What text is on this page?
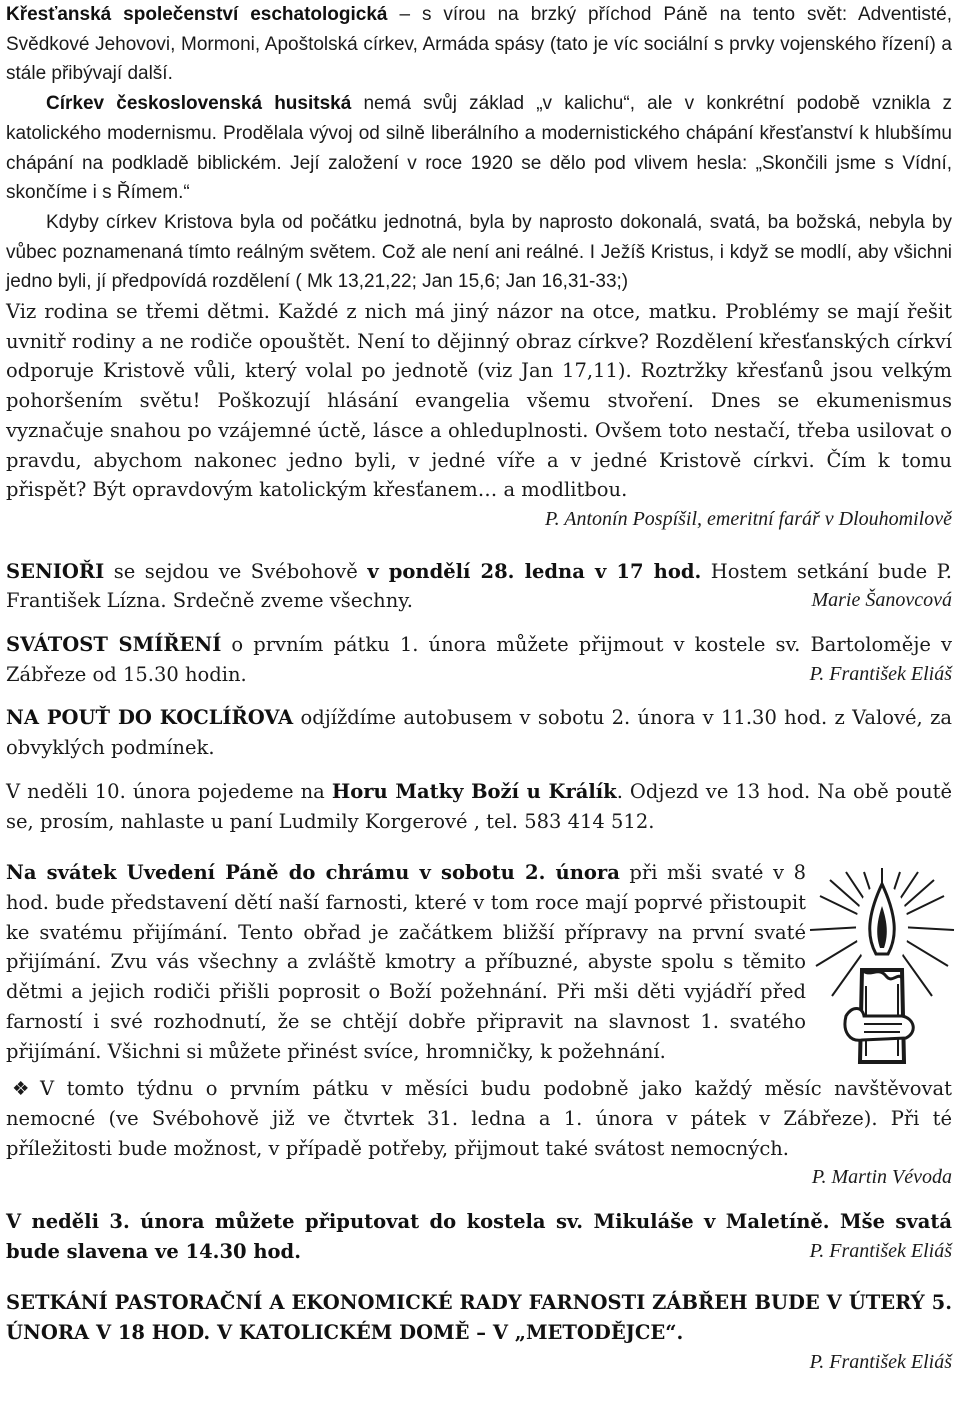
Křesťanská společenství eschatologická – s vírou na brzký příchod Páně na tento svět: Adventisté, Svědkové Jehovovi, Mormoni, Apoštolská církev, Armáda spásy (tato je víc sociální s prvky vojenského řízení) a stále přibývají další.

Církev československá husitská nemá svůj základ „v kalichu“, ale v konkrétní podobě vznikla z katolického modernismu. Prodělala vývoj od silně liberálního a modernistického chápání křesťanství k hlubšímu chápání na podkladě biblickém. Její založení v roce 1920 se dělo pod vlivem hesla: „Skončili jsme s Vídní, skončíme i s Římem.“

Kdyby církev Kristova byla od počátku jednotná, byla by naprosto dokonalá, svatá, ba božská, nebyla by vůbec poznamenaná tímto reálným světem. Což ale není ani reálné. I Ježíš Kristus, i když se modlí, aby všichni jedno byli, jí předpovídá rozdělení ( Mk 13,21,22; Jan 15,6; Jan 16,31-33;)

Viz rodina se třemi dětmi. Každé z nich má jiný názor na otce, matku. Problémy se mají řešit uvnitř rodiny a ne rodiče opouštět. Není to dějinný obraz církve? Rozdělení křesťanských církví odporuje Kristově vůli, který volal po jednotě (viz Jan 17,11). Roztržky křesťanů jsou velkým pohoršením světu! Poškozují hlásání evangelia všemu stvoření. Dnes se ekumenismus vyznačuje snahou po vzájemné úctě, lásce a ohleduplnosti. Ovšem toto nestačí, třeba usilovat o pravdu, abychom nakonec jedno byli, v jedné víře a v jedné Kristově církvi. Čím k tomu přispět? Být opravdovým katolickým křesťanem… a modlitbou.

P. Antonín Pospíšil, emeritní farář v Dlouhomilově

SENIOŘI se sejdou ve Svébohově v pondělí 28. ledna v 17 hod. Hostem setkání bude P. František Lízna. Srdečně zveme všechny.	Marie Šanovcová

SVÁTOST SMÍŘENÍ o prvním pátku 1. února můžete přijmout v kostele sv. Bartoloměje v Zábřeze od 15.30 hodin.	P. František Eliáš

NA POUŤ DO KOCLÍŘOVA odjíždíme autobusem v sobotu 2. února v 11.30 hod. z Valové, za obvyklých podmínek.

V neděli 10. února pojedeme na Horu Matky Boží u Králík. Odjezd ve 13 hod. Na obě poutě se, prosím, nahlaste u paní Ludmily Korgerové , tel. 583 414 512.

Na svátek Uvedení Páně do chrámu v sobotu 2. února při mši svaté v 8 hod. bude představení dětí naší farnosti, které v tom roce mají poprvé přistoupit ke svatému přijímání. Tento obřad je začátkem bližší přípravy na první svaté přijímání. Zvu vás všechny a zvláště kmotry a příbuzné, abyste spolu s těmito dětmi a jejich rodiči přišli poprosit o Boží požehnání. Při mši děti vyjádří před farností i své rozhodnutí, že se chtějí dobře připravit na slavnost 1. svatého přijímání. Všichni si můžete přinést svíce, hromničky, k požehnání.

❖ V tomto týdnu o prvním pátku v měsíci budu podobně jako každý měsíc navštěvovat nemocné (ve Svébohově již ve čtvrtek 31. ledna a 1. února v pátek v Zábřeze). Při té příležitosti bude možnost, v případě potřeby, přijmout také svátost nemocných.

P. Martin Vévoda

V neděli 3. února můžete připutovat do kostela sv. Mikuláše v Maletíně. Mše svatá bude slavena ve 14.30 hod.	P. František Eliáš

SETKÁNÍ PASTORAČNÍ A EKONOMICKÉ RADY FARNOSTI ZÁBŘEH BUDE V ÚTERÝ 5. ÚNORA V 18 HOD. V KATOLICKÉM DOMĚ – V „METODĚJCE“.

P. František Eliáš
